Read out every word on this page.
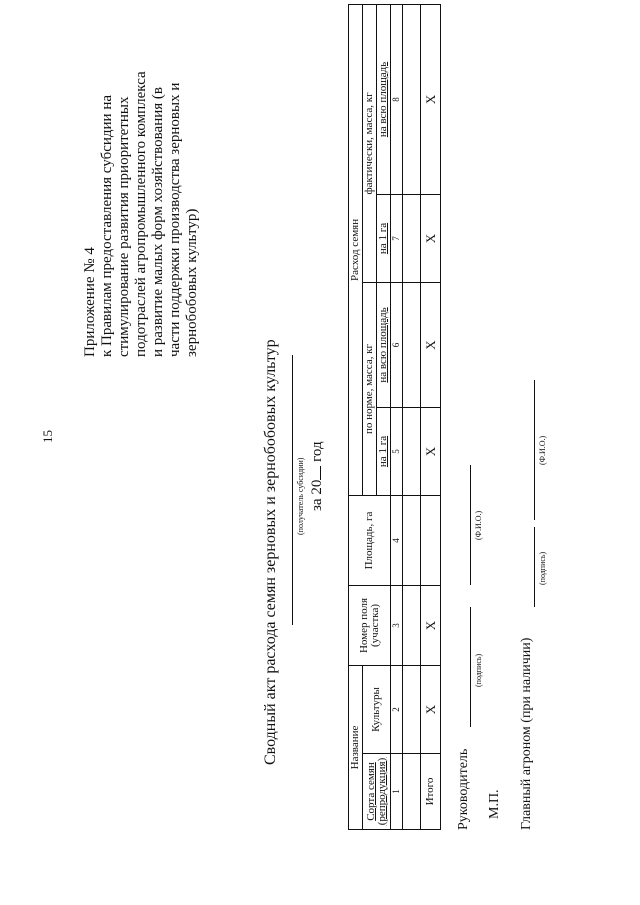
15
Приложение № 4 к Правилам предоставления субсидии на стимулирование развития приоритетных подотраслей агропромышленного комплекса и развитие малых форм хозяйствования (в части поддержки производства зерновых и зернобобовых культур)
Сводный акт расхода семян зерновых и зернобобовых культур (получатель субсидии) за 20 год
Название		Номер поля (участка)	Площадь, га	Расход семян			
Сорта семян (репродукция)	Культуры			по норме, масса, кг		фактически, масса, кг	
				на 1 га	на всю площадь	на 1 га	на всю площадь
1	2	3	4	5	6	7	8

Итого	X	X		X	X	X	X
Руководитель
(подпись)
(Ф.И.О.)
М.П. Главный агроном (при наличии)
(подпись)
(Ф.И.О.)
